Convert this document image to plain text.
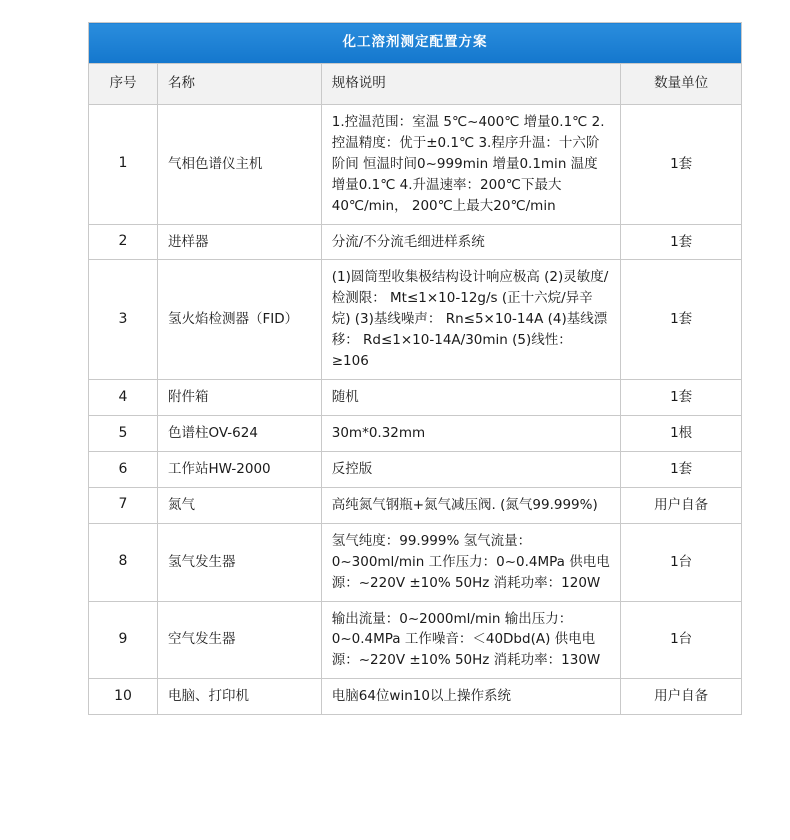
化工溶剂测定配置方案			
序号	名称	规格说明	数量单位
1	气相色谱仪主机	1.控温范围：室温 5℃~400℃ 增量0.1℃ 2.控温精度：优于±0.1℃ 3.程序升温：十六阶阶间 恒温时间0~999min 增量0.1min 温度增量0.1℃ 4.升温速率：200℃下最大40℃/min， 200℃上最大20℃/min	1套
2	进样器	分流/不分流毛细进样系统	1套
3	氢火焰检测器（FID）	(1)圆筒型收集极结构设计响应极高 (2)灵敏度/检测限： Mt≤1×10-12g/s (正十六烷/异辛烷) (3)基线噪声： Rn≤5×10-14A (4)基线漂移： Rd≤1×10-14A/30min (5)线性： ≥106	1套
4	附件箱	随机	1套
5	色谱柱OV-624	30m*0.32mm	1根
6	工作站HW-2000	反控版	1套
7	氮气	高纯氮气钢瓶+氮气减压阀. (氮气99.999%)	用户自备
8	氢气发生器	氢气纯度：99.999% 氢气流量：0~300ml/min 工作压力：0~0.4MPa 供电电源：~220V ±10% 50Hz 消耗功率：120W	1台
9	空气发生器	输出流量：0~2000ml/min 输出压力：0~0.4MPa 工作噪音：＜40Dbd(A) 供电电源：~220V ±10% 50Hz 消耗功率：130W	1台
10	电脑、打印机	电脑64位win10以上操作系统	用户自备
